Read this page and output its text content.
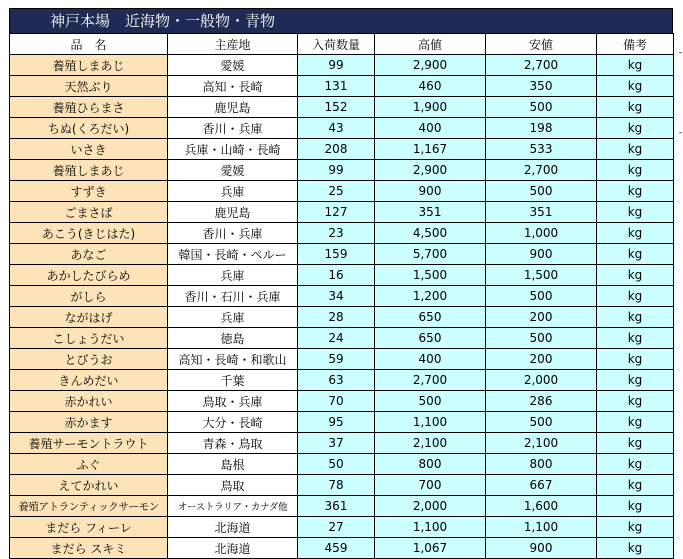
神戸本場　近海物・一般物・青物
品　名	主産地	入荷数量	高値	安値	備考
養殖しまあじ	愛媛	99	2,900	2,700	kg
天然ぶり	高知・長崎	131	460	350	kg
養殖ひらまさ	鹿児島	152	1,900	500	kg
ちぬ(くろだい)	香川・兵庫	43	400	198	kg
いさき	兵庫・山崎・長崎	208	1,167	533	kg
養殖しまあじ	愛媛	99	2,900	2,700	kg
すずき	兵庫	25	900	500	kg
ごまさば	鹿児島	127	351	351	kg
あこう(きじはた)	香川・兵庫	23	4,500	1,000	kg
あなご	韓国・長崎・ペルー	159	5,700	900	kg
あかしたびらめ	兵庫	16	1,500	1,500	kg
がしら	香川・石川・兵庫	34	1,200	500	kg
ながはげ	兵庫	28	650	200	kg
こしょうだい	徳島	24	650	500	kg
とびうお	高知・長崎・和歌山	59	400	200	kg
きんめだい	千葉	63	2,700	2,000	kg
赤かれい	鳥取・兵庫	70	500	286	kg
赤かます	大分・長崎	95	1,100	500	kg
養殖サーモントラウト	青森・鳥取	37	2,100	2,100	kg
ふぐ	島根	50	800	800	kg
えてかれい	鳥取	78	700	667	kg
養殖アトランティックサーモン	オーストラリア・カナダ他	361	2,000	1,600	kg
まだら フィーレ	北海道	27	1,100	1,100	kg
まだら スキミ	北海道	459	1,067	900	kg
-
-
